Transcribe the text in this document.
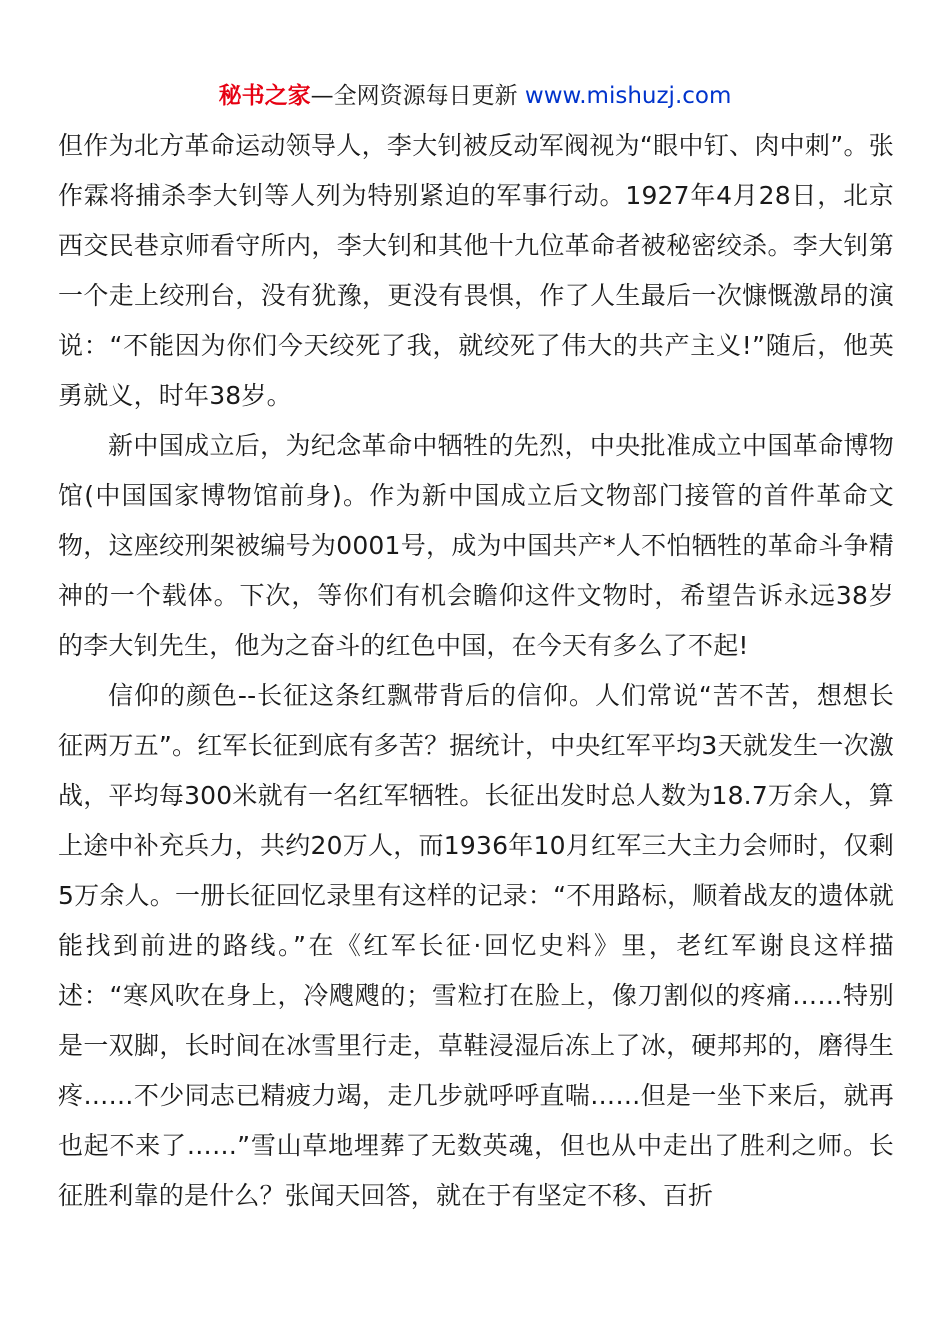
秘书之家—全网资源每日更新 www.mishuzj.com

但作为北方革命运动领导人，李大钊被反动军阀视为“眼中钉、肉中刺”。张作霖将捕杀李大钊等人列为特别紧迫的军事行动。1927年4月28日，北京西交民巷京师看守所内，李大钊和其他十九位革命者被秘密绞杀。李大钊第一个走上绞刑台，没有犹豫，更没有畏惧，作了人生最后一次慷慨激昂的演说：“不能因为你们今天绞死了我，就绞死了伟大的共产主义!”随后，他英勇就义，时年38岁。

新中国成立后，为纪念革命中牺牲的先烈，中央批准成立中国革命博物馆(中国国家博物馆前身)。作为新中国成立后文物部门接管的首件革命文物，这座绞刑架被编号为0001号，成为中国共产*人不怕牺牲的革命斗争精神的一个载体。下次，等你们有机会瞻仰这件文物时，希望告诉永远38岁的李大钊先生，他为之奋斗的红色中国，在今天有多么了不起!

信仰的颜色--长征这条红飘带背后的信仰。人们常说“苦不苦，想想长征两万五”。红军长征到底有多苦？据统计，中央红军平均3天就发生一次激战，平均每300米就有一名红军牺牲。长征出发时总人数为18.7万余人，算上途中补充兵力，共约20万人，而1936年10月红军三大主力会师时，仅剩5万余人。一册长征回忆录里有这样的记录：“不用路标，顺着战友的遗体就能找到前进的路线。”在《红军长征·回忆史料》里，老红军谢良这样描述：“寒风吹在身上，冷飕飕的；雪粒打在脸上，像刀割似的疼痛……特别是一双脚，长时间在冰雪里行走，草鞋浸湿后冻上了冰，硬邦邦的，磨得生疼……不少同志已精疲力竭，走几步就呼呼直喘……但是一坐下来后，就再也起不来了……”雪山草地埋葬了无数英魂，但也从中走出了胜利之师。长征胜利靠的是什么？张闻天回答，就在于有坚定不移、百折
